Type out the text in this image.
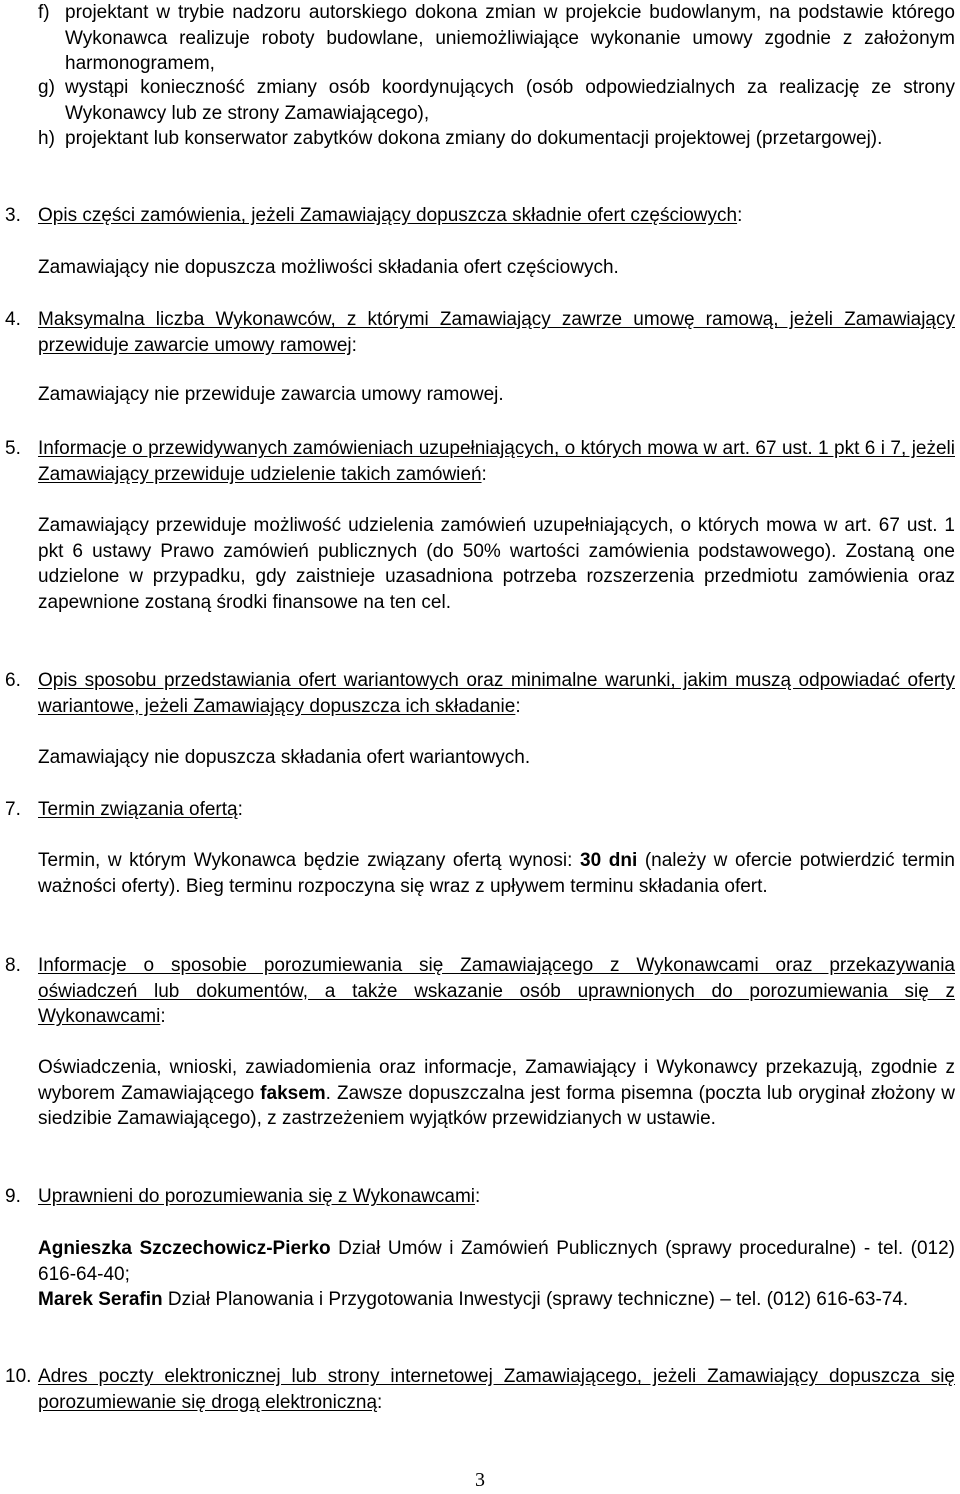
f) projektant w trybie nadzoru autorskiego dokona zmian w projekcie budowlanym, na podstawie którego Wykonawca realizuje roboty budowlane, uniemożliwiające wykonanie umowy zgodnie z założonym harmonogramem,
g) wystąpi konieczność zmiany osób koordynujących (osób odpowiedzialnych za realizację ze strony Wykonawcy lub ze strony Zamawiającego),
h) projektant lub konserwator zabytków dokona zmiany do dokumentacji projektowej (przetargowej).
3. Opis części zamówienia, jeżeli Zamawiający dopuszcza składnie ofert częściowych:
Zamawiający nie dopuszcza możliwości składania ofert częściowych.
4. Maksymalna liczba Wykonawców, z którymi Zamawiający zawrze umowę ramową, jeżeli Zamawiający przewiduje zawarcie umowy ramowej:
Zamawiający nie przewiduje zawarcia umowy ramowej.
5. Informacje o przewidywanych zamówieniach uzupełniających, o których mowa w art. 67 ust. 1 pkt 6 i 7, jeżeli Zamawiający przewiduje udzielenie takich zamówień:
Zamawiający przewiduje możliwość udzielenia zamówień uzupełniających, o których mowa w art. 67 ust. 1 pkt 6 ustawy Prawo zamówień publicznych (do 50% wartości zamówienia podstawowego). Zostaną one udzielone w przypadku, gdy zaistnieje uzasadniona potrzeba rozszerzenia przedmiotu zamówienia oraz zapewnione zostaną środki finansowe na ten cel.
6. Opis sposobu przedstawiania ofert wariantowych oraz minimalne warunki, jakim muszą odpowiadać oferty wariantowe, jeżeli Zamawiający dopuszcza ich składanie:
Zamawiający nie dopuszcza składania ofert wariantowych.
7. Termin związania ofertą:
Termin, w którym Wykonawca będzie związany ofertą wynosi: 30 dni (należy w ofercie potwierdzić termin ważności oferty). Bieg terminu rozpoczyna się wraz z upływem terminu składania ofert.
8. Informacje o sposobie porozumiewania się Zamawiającego z Wykonawcami oraz przekazywania oświadczeń lub dokumentów, a także wskazanie osób uprawnionych do porozumiewania się z Wykonawcami:
Oświadczenia, wnioski, zawiadomienia oraz informacje, Zamawiający i Wykonawcy przekazują, zgodnie z wyborem Zamawiającego faksem. Zawsze dopuszczalna jest forma pisemna (poczta lub oryginał złożony w siedzibie Zamawiającego), z zastrzeżeniem wyjątków przewidzianych w ustawie.
9. Uprawnieni do porozumiewania się z Wykonawcami:
Agnieszka Szczechowicz-Pierko Dział Umów i Zamówień Publicznych (sprawy proceduralne) - tel. (012) 616-64-40;
Marek Serafin Dział Planowania i Przygotowania Inwestycji (sprawy techniczne) – tel. (012) 616-63-74.
10. Adres poczty elektronicznej lub strony internetowej Zamawiającego, jeżeli Zamawiający dopuszcza się porozumiewanie się drogą elektroniczną:
3
